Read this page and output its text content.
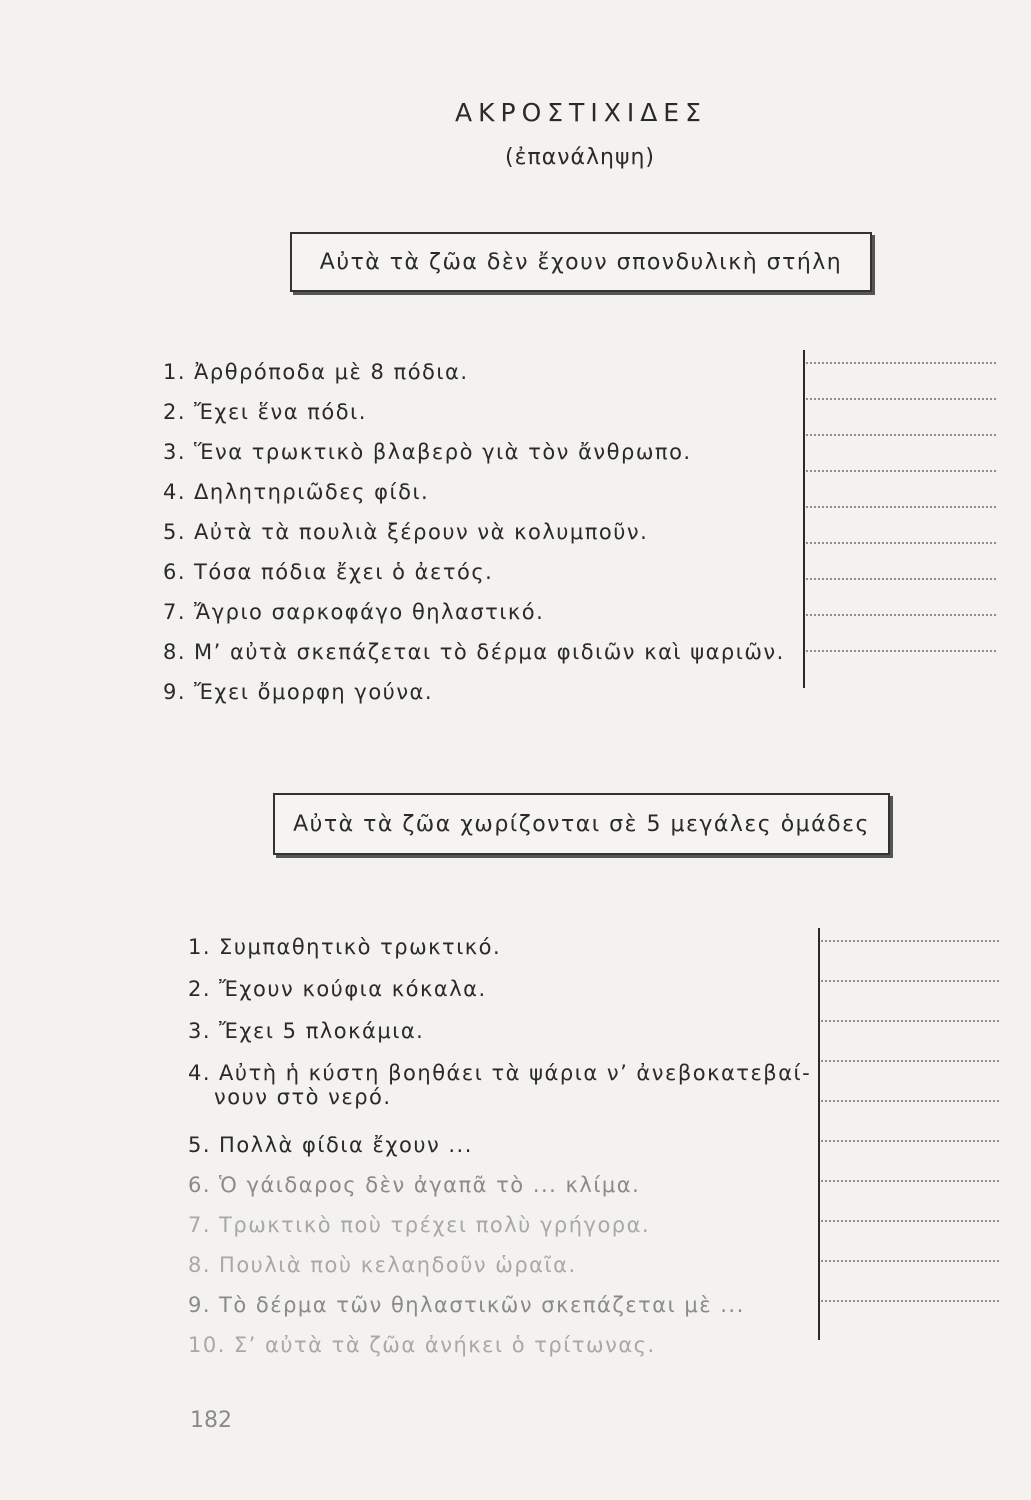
ΑΚΡΟΣΤΙΧΙΔΕΣ
(ἐπανάληψη)
Αὐτὰ τὰ ζῶα δὲν ἔχουν σπονδυλικὴ στήλη
1. Ἀρθρόποδα μὲ 8 πόδια.
2. Ἔχει ἕνα πόδι.
3. Ἕνα τρωκτικὸ βλαβερὸ γιὰ τὸν ἄνθρωπο.
4. Δηλητηριῶδες φίδι.
5. Αὐτὰ τὰ πουλιὰ ξέρουν νὰ κολυμποῦν.
6. Τόσα πόδια ἔχει ὁ ἀετός.
7. Ἄγριο σαρκοφάγο θηλαστικό.
8. Μ’ αὐτὰ σκεπάζεται τὸ δέρμα φιδιῶν καὶ ψαριῶν.
9. Ἔχει ὄμορφη γούνα.
Αὐτὰ τὰ ζῶα χωρίζονται σὲ 5 μεγάλες ὁμάδες
1. Συμπαθητικὸ τρωκτικό.
2. Ἔχουν κούφια κόκαλα.
3. Ἔχει 5 πλοκάμια.
4. Αὐτὴ ἡ κύστη βοηθάει τὰ ψάρια ν’ ἀνεβοκατεβαί-
νουν στὸ νερό.
5. Πολλὰ φίδια ἔχουν ...
6. Ὁ γάιδαρος δὲν ἀγαπᾶ τὸ ... κλίμα.
7. Τρωκτικὸ ποὺ τρέχει πολὺ γρήγορα.
8. Πουλιὰ ποὺ κελαηδοῦν ὡραῖα.
9. Τὸ δέρμα τῶν θηλαστικῶν σκεπάζεται μὲ ...
10. Σ’ αὐτὰ τὰ ζῶα ἀνήκει ὁ τρίτωνας.
182
